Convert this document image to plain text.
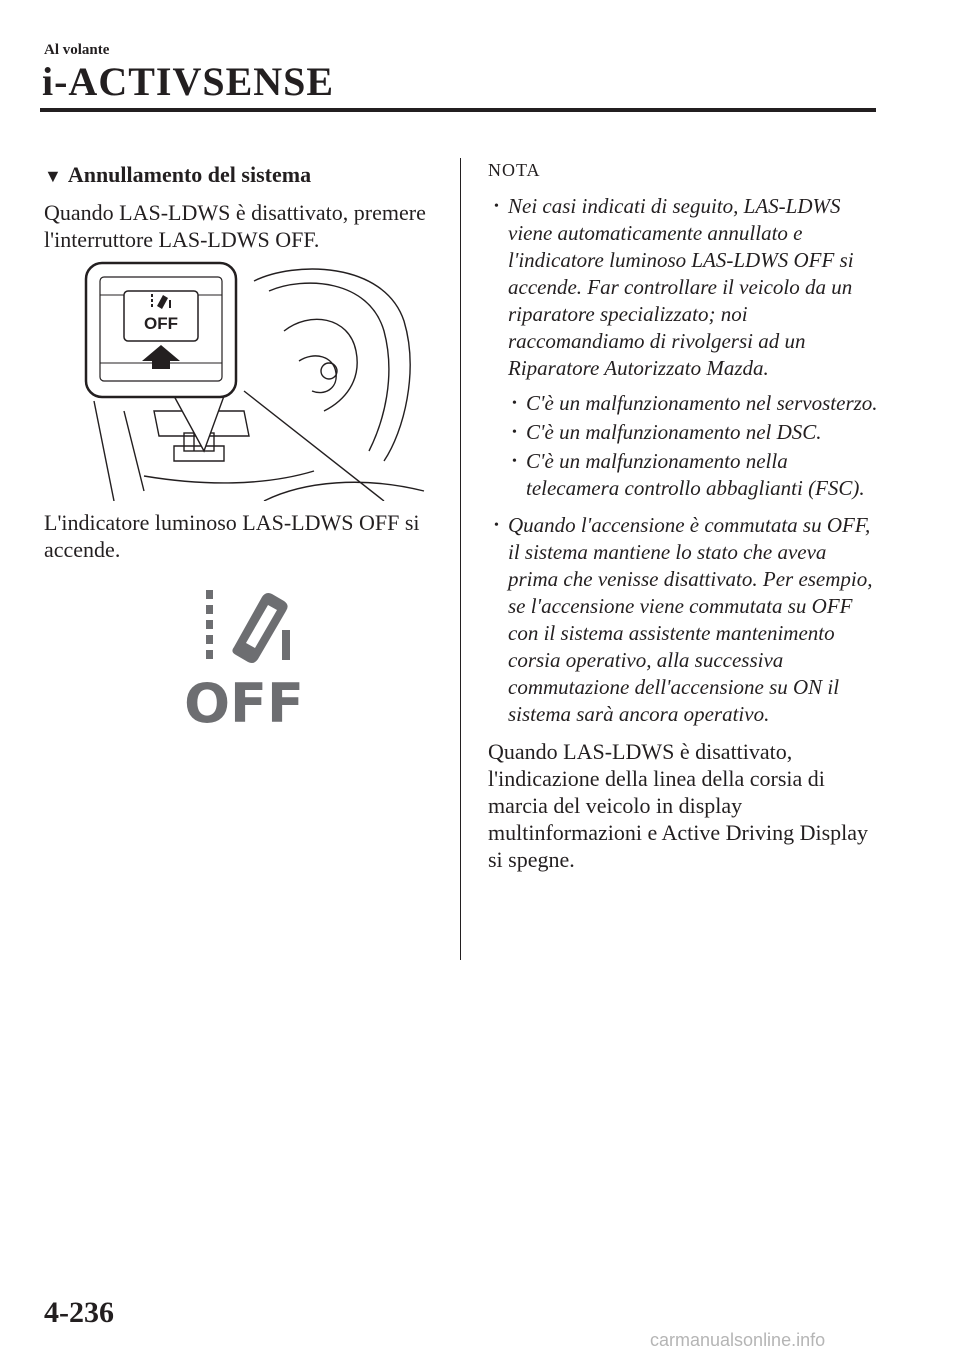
Al volante
i-ACTIVSENSE
▼ Annullamento del sistema

Quando LAS-LDWS è disattivato, premere l'interruttore LAS-LDWS OFF.

OFF

L'indicatore luminoso LAS-LDWS OFF si accende.

OFF
NOTA
• Nei casi indicati di seguito, LAS-LDWS viene automaticamente annullato e l'indicatore luminoso LAS-LDWS OFF si accende. Far controllare il veicolo da un riparatore specializzato; noi raccomandiamo di rivolgersi ad un Riparatore Autorizzato Mazda.
• C'è un malfunzionamento nel servosterzo.
• C'è un malfunzionamento nel DSC.
• C'è un malfunzionamento nella telecamera controllo abbaglianti (FSC).
• Quando l'accensione è commutata su OFF, il sistema mantiene lo stato che aveva prima che venisse disattivato. Per esempio, se l'accensione viene commutata su OFF con il sistema assistente mantenimento corsia operativo, alla successiva commutazione dell'accensione su ON il sistema sarà ancora operativo.

Quando LAS-LDWS è disattivato, l'indicazione della linea della corsia di marcia del veicolo in display multinformazioni e Active Driving Display si spegne.

4-236
carmanualsonline.info
